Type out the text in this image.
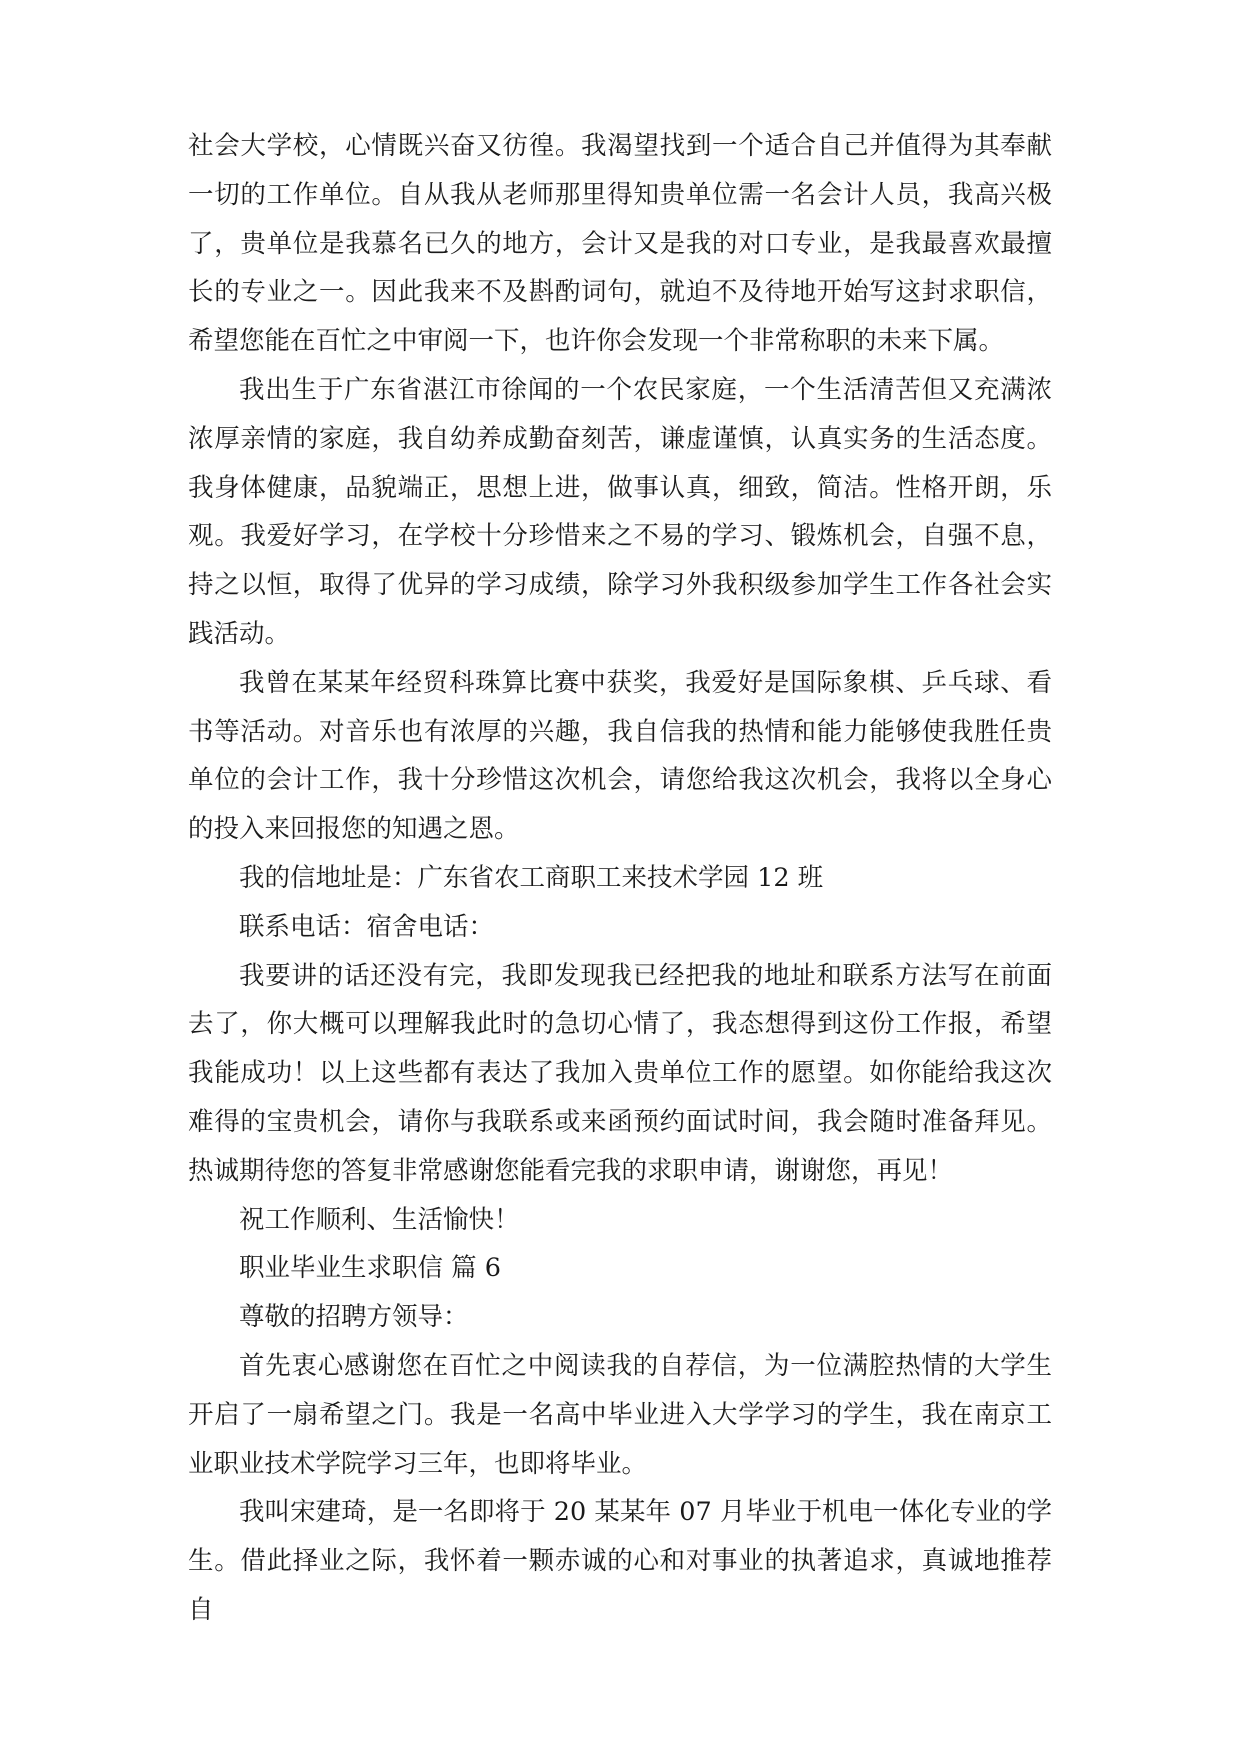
社会大学校，心情既兴奋又彷徨。我渴望找到一个适合自己并值得为其奉献一切的工作单位。自从我从老师那里得知贵单位需一名会计人员，我高兴极了，贵单位是我慕名已久的地方，会计又是我的对口专业，是我最喜欢最擅长的专业之一。因此我来不及斟酌词句，就迫不及待地开始写这封求职信，希望您能在百忙之中审阅一下，也许你会发现一个非常称职的未来下属。

我出生于广东省湛江市徐闻的一个农民家庭，一个生活清苦但又充满浓浓厚亲情的家庭，我自幼养成勤奋刻苦，谦虚谨慎，认真实务的生活态度。我身体健康，品貌端正，思想上进，做事认真，细致，简洁。性格开朗，乐观。我爱好学习，在学校十分珍惜来之不易的学习、锻炼机会，自强不息，持之以恒，取得了优异的学习成绩，除学习外我积级参加学生工作各社会实践活动。

我曾在某某年经贸科珠算比赛中获奖，我爱好是国际象棋、乒乓球、看书等活动。对音乐也有浓厚的兴趣，我自信我的热情和能力能够使我胜任贵单位的会计工作，我十分珍惜这次机会，请您给我这次机会，我将以全身心的投入来回报您的知遇之恩。

我的信地址是：广东省农工商职工来技术学园 12 班

联系电话：宿舍电话：

我要讲的话还没有完，我即发现我已经把我的地址和联系方法写在前面去了，你大概可以理解我此时的急切心情了，我态想得到这份工作报，希望我能成功！以上这些都有表达了我加入贵单位工作的愿望。如你能给我这次难得的宝贵机会，请你与我联系或来函预约面试时间，我会随时准备拜见。热诚期待您的答复非常感谢您能看完我的求职申请，谢谢您，再见！

祝工作顺利、生活愉快！

职业毕业生求职信 篇 6

尊敬的招聘方领导：

首先衷心感谢您在百忙之中阅读我的自荐信，为一位满腔热情的大学生开启了一扇希望之门。我是一名高中毕业进入大学学习的学生，我在南京工业职业技术学院学习三年，也即将毕业。

我叫宋建琦，是一名即将于 20 某某年 07 月毕业于机电一体化专业的学生。借此择业之际，我怀着一颗赤诚的心和对事业的执著追求，真诚地推荐自
